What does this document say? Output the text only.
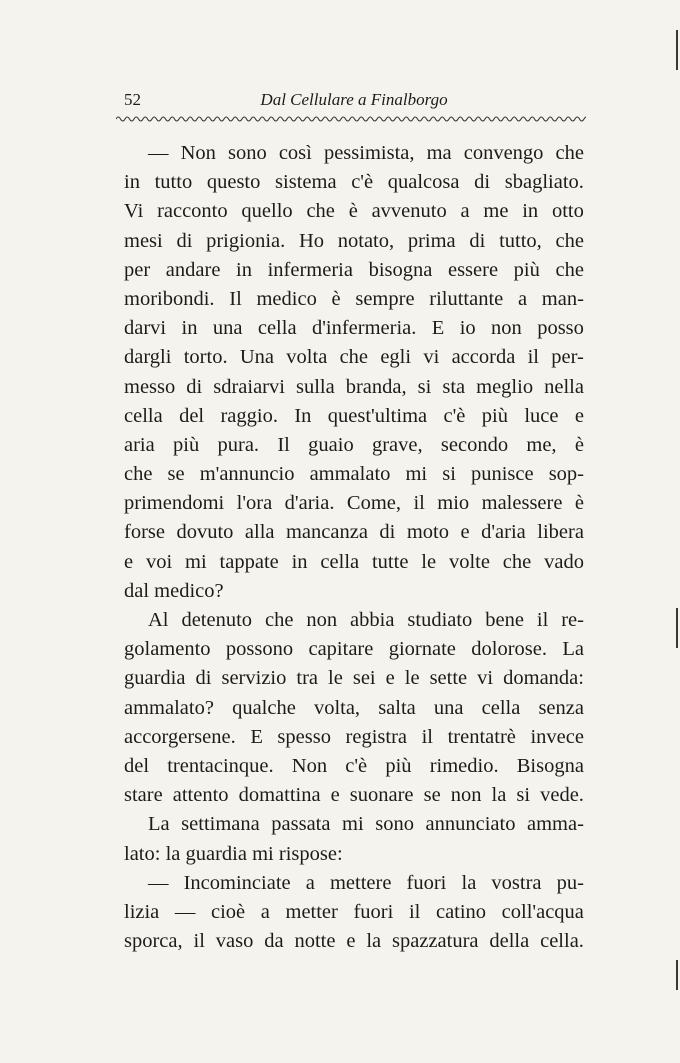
52	Dal Cellulare a Finalborgo
— Non sono così pessimista, ma convengo che
in tutto questo sistema c'è qualcosa di sbagliato.
Vi racconto quello che è avvenuto a me in otto
mesi di prigionia. Ho notato, prima di tutto, che
per andare in infermeria bisogna essere più che
moribondi. Il medico è sempre riluttante a man-
darvi in una cella d'infermeria. E io non posso
dargli torto. Una volta che egli vi accorda il per-
messo di sdraiarvi sulla branda, si sta meglio nella
cella del raggio. In quest'ultima c'è più luce e
aria più pura. Il guaio grave, secondo me, è
che se m'annuncio ammalato mi si punisce sop-
primendomi l'ora d'aria. Come, il mio malessere è
forse dovuto alla mancanza di moto e d'aria libera
e voi mi tappate in cella tutte le volte che vado
dal
medico?
Al detenuto che non abbia studiato bene il re-
golamento possono capitare giornate dolorose. La
guardia di servizio tra le sei e le sette vi domanda:
ammalato? qualche volta, salta una cella senza
accorgersene. E spesso registra il trentatrè invece
del trentacinque. Non c'è più rimedio. Bisogna
stare attento domattina e suonare se non la si vede.
La settimana passata mi sono annunciato amma-
lato:
la
guardia
mi
rispose:
— Incominciate a mettere fuori la vostra pu-
lizia — cioè a metter fuori il catino coll'acqua
sporca, il vaso da notte e la spazzatura della cella.
